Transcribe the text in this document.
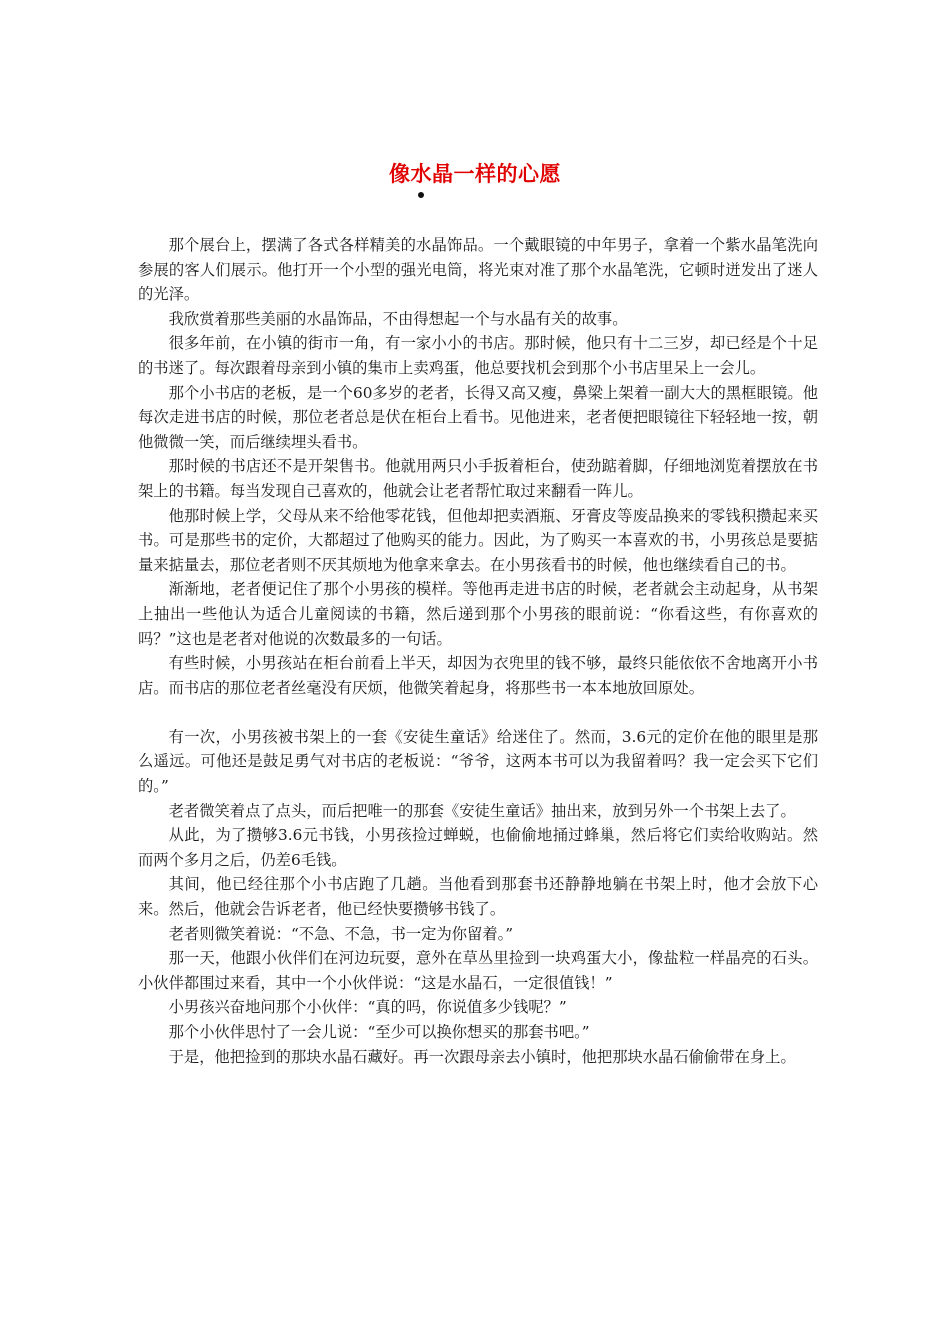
像水晶一样的心愿

那个展台上，摆满了各式各样精美的水晶饰品。一个戴眼镜的中年男子，拿着一个紫水晶笔洗向参展的客人们展示。他打开一个小型的强光电筒，将光束对准了那个水晶笔洗，它顿时迸发出了迷人的光泽。

我欣赏着那些美丽的水晶饰品，不由得想起一个与水晶有关的故事。

很多年前，在小镇的街市一角，有一家小小的书店。那时候，他只有十二三岁，却已经是个十足的书迷了。每次跟着母亲到小镇的集市上卖鸡蛋，他总要找机会到那个小书店里呆上一会儿。

那个小书店的老板，是一个60多岁的老者，长得又高又瘦，鼻梁上架着一副大大的黑框眼镜。他每次走进书店的时候，那位老者总是伏在柜台上看书。见他进来，老者便把眼镜往下轻轻地一按，朝他微微一笑，而后继续埋头看书。

那时候的书店还不是开架售书。他就用两只小手扳着柜台，使劲踮着脚，仔细地浏览着摆放在书架上的书籍。每当发现自己喜欢的，他就会让老者帮忙取过来翻看一阵儿。

他那时候上学，父母从来不给他零花钱，但他却把卖酒瓶、牙膏皮等废品换来的零钱积攒起来买书。可是那些书的定价，大都超过了他购买的能力。因此，为了购买一本喜欢的书，小男孩总是要掂量来掂量去，那位老者则不厌其烦地为他拿来拿去。在小男孩看书的时候，他也继续看自己的书。

渐渐地，老者便记住了那个小男孩的模样。等他再走进书店的时候，老者就会主动起身，从书架上抽出一些他认为适合儿童阅读的书籍，然后递到那个小男孩的眼前说：“你看这些，有你喜欢的吗？”这也是老者对他说的次数最多的一句话。

有些时候，小男孩站在柜台前看上半天，却因为衣兜里的钱不够，最终只能依依不舍地离开小书店。而书店的那位老者丝毫没有厌烦，他微笑着起身，将那些书一本本地放回原处。

有一次，小男孩被书架上的一套《安徒生童话》给迷住了。然而，3.6元的定价在他的眼里是那么遥远。可他还是鼓足勇气对书店的老板说：“爷爷，这两本书可以为我留着吗？我一定会买下它们的。”

老者微笑着点了点头，而后把唯一的那套《安徒生童话》抽出来，放到另外一个书架上去了。

从此，为了攒够3.6元书钱，小男孩捡过蝉蜕，也偷偷地捅过蜂巢，然后将它们卖给收购站。然而两个多月之后，仍差6毛钱。

其间，他已经往那个小书店跑了几趟。当他看到那套书还静静地躺在书架上时，他才会放下心来。然后，他就会告诉老者，他已经快要攒够书钱了。

老者则微笑着说：“不急、不急，书一定为你留着。”

那一天，他跟小伙伴们在河边玩耍，意外在草丛里捡到一块鸡蛋大小，像盐粒一样晶亮的石头。小伙伴都围过来看，其中一个小伙伴说：“这是水晶石，一定很值钱！”

小男孩兴奋地问那个小伙伴：“真的吗，你说值多少钱呢？”

那个小伙伴思忖了一会儿说：“至少可以换你想买的那套书吧。”

于是，他把捡到的那块水晶石藏好。再一次跟母亲去小镇时，他把那块水晶石偷偷带在身上。
